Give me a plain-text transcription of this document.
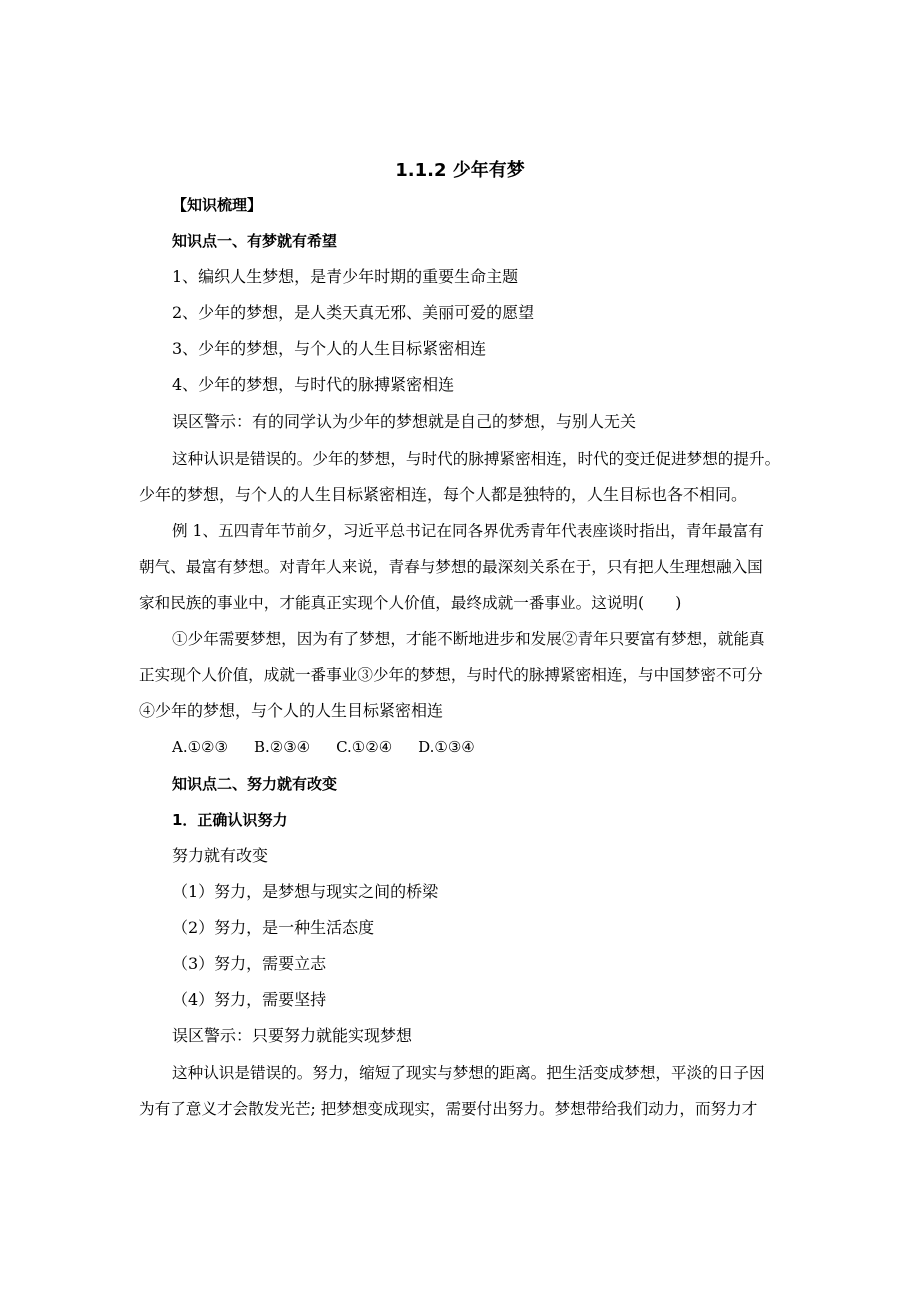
1.1.2 少年有梦
【知识梳理】
知识点一、有梦就有希望
1、编织人生梦想，是青少年时期的重要生命主题
2、少年的梦想，是人类天真无邪、美丽可爱的愿望
3、少年的梦想，与个人的人生目标紧密相连
4、少年的梦想，与时代的脉搏紧密相连
误区警示：有的同学认为少年的梦想就是自己的梦想，与别人无关
这种认识是错误的。少年的梦想，与时代的脉搏紧密相连，时代的变迁促进梦想的提升。
少年的梦想，与个人的人生目标紧密相连，每个人都是独特的，人生目标也各不相同。
例 1、五四青年节前夕，习近平总书记在同各界优秀青年代表座谈时指出，青年最富有
朝气、最富有梦想。对青年人来说，青春与梦想的最深刻关系在于，只有把人生理想融入国
家和民族的事业中，才能真正实现个人价值，最终成就一番事业。这说明(　　)
①少年需要梦想，因为有了梦想，才能不断地进步和发展②青年只要富有梦想，就能真
正实现个人价值，成就一番事业③少年的梦想，与时代的脉搏紧密相连，与中国梦密不可分
④少年的梦想，与个人的人生目标紧密相连
A.①②③ B.②③④ C.①②④ D.①③④
知识点二、努力就有改变
1．正确认识努力
努力就有改变
（1）努力，是梦想与现实之间的桥梁
（2）努力，是一种生活态度
（3）努力，需要立志
（4）努力，需要坚持
误区警示：只要努力就能实现梦想
这种认识是错误的。努力，缩短了现实与梦想的距离。把生活变成梦想，平淡的日子因
为有了意义才会散发光芒; 把梦想变成现实，需要付出努力。梦想带给我们动力，而努力才
